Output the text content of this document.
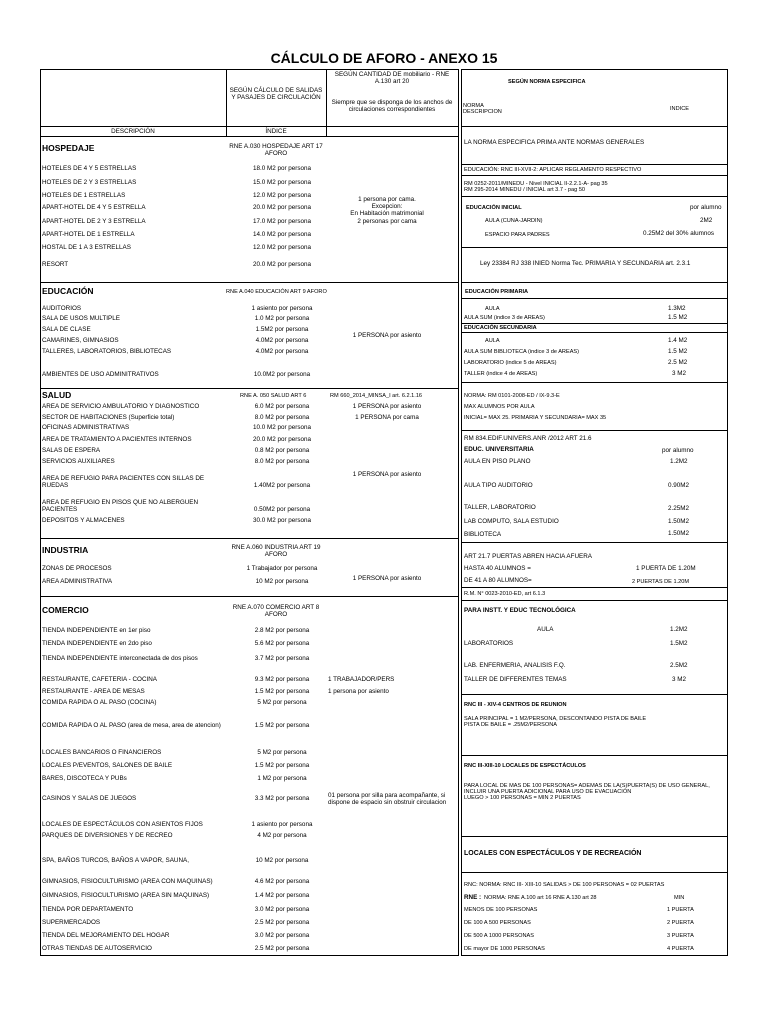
CÁLCULO DE AFORO - ANEXO 15
SEGÚN CÁLCULO DE SALIDAS Y PASAJES DE CIRCULACIÓN
SEGÚN CANTIDAD DE mobiliario - RNE A.130 art 20
Siempre que se disponga de los anchos de circulaciones correspondientes
DESCRIPCIÓN	ÍNDICE
HOSPEDAJE	RNE A.030 HOSPEDAJE ART 17 AFORO
HOTELES DE 4 Y 5 ESTRELLAS	18.0 M2 por persona
HOTELES DE 2 Y 3 ESTRELLAS	15.0 M2 por persona
HOTELES DE 1 ESTRELLAS	12.0 M2 por persona
APART-HOTEL DE 4 Y 5 ESTRELLA	20.0 M2 por persona
APART-HOTEL DE 2 Y 3 ESTRELLA	17.0 M2 por persona
APART-HOTEL DE 1 ESTRELLA	14.0 M2 por persona
HOSTAL DE 1 A 3 ESTRELLAS	12.0 M2 por persona
RESORT	20.0 M2 por persona
1 persona por cama.
Excepcion:
En Habitación matrimonial
2 personas por cama
EDUCACIÓN	RNE A.040 EDUCACIÓN ART 9 AFORO
AUDITORIOS	1 asiento por persona
SALA DE USOS MULTIPLE	1.0 M2 por persona
SALA DE CLASE	1.5M2 por persona
CAMARINES, GIMNASIOS	4.0M2 por persona
TALLERES, LABORATORIOS, BIBLIOTECAS	4.0M2 por persona
AMBIENTES DE USO ADMINITRATIVOS	10.0M2 por persona
1 PERSONA por asiento
SALUD	RNE A. 050 SALUD ART 6	RM 660_2014_MINSA_I art. 6.2.1.16
AREA DE SERVICIO AMBULATORIO Y DIAGNOSTICO	6.0 M2 por persona	1 PERSONA por asiento
SECTOR DE HABITACIONES (Superficie total)	8.0 M2 por persona	1 PERSONA por cama
OFICINAS ADMINISTRATIVAS	10.0 M2 por persona
AREA DE TRATAMIENTO A PACIENTES INTERNOS	20.0 M2 por persona
SALAS DE ESPERA	0.8 M2 por persona
SERVICIOS AUXILIARES	8.0 M2 por persona
AREA DE REFUGIO PARA PACIENTES CON SILLAS DE RUEDAS	1.40M2 por persona
AREA DE REFUGIO EN PISOS QUE NO ALBERGUEN PACIENTES	0.50M2 por persona
DEPOSITOS Y ALMACENES	30.0 M2 por persona
1 PERSONA por asiento
INDUSTRIA	RNE A.060 INDUSTRIA ART 19 AFORO
ZONAS DE PROCESOS	1 Trabajador por persona
AREA ADMINISTRATIVA	10 M2 por persona	1 PERSONA por asiento
COMERCIO	RNE A.070 COMERCIO ART 8 AFORO
TIENDA INDEPENDIENTE en 1er piso	2.8 M2 por persona
TIENDA INDEPENDIENTE en 2do piso	5.6 M2 por persona
TIENDA INDEPENDIENTE interconectada de dos pisos	3.7 M2 por persona
RESTAURANTE, CAFETERIA - COCINA	9.3 M2 por persona	1 TRABAJADOR/PERS
RESTAURANTE - AREA DE MESAS	1.5 M2 por persona	1 persona por asiento
COMIDA RAPIDA O AL PASO (COCINA)	5 M2 por persona
COMIDA RAPIDA O AL PASO (area de mesa, area de atencion)	1.5 M2 por persona
LOCALES BANCARIOS O FINANCIEROS	5 M2 por persona
LOCALES P/EVENTOS, SALONES DE BAILE	1.5 M2 por persona
BARES, DISCOTECA Y PUBs	1 M2 por persona
CASINOS Y SALAS DE JUEGOS	3.3 M2 por persona	01 persona por silla para acompañante, si dispone de espacio sin obstruir circulacion
LOCALES DE ESPECTÁCULOS CON ASIENTOS FIJOS	1 asiento por persona
PARQUES DE DIVERSIONES Y DE RECREO	4 M2 por persona
SPA, BAÑOS TURCOS, BAÑOS A VAPOR, SAUNA,	10 M2 por persona
GIMNASIOS, FISIOCULTURISMO (AREA CON MAQUINAS)	4.6 M2 por persona
GIMNASIOS, FISIOCULTURISMO (AREA SIN MAQUINAS)	1.4 M2 por persona
TIENDA POR DEPARTAMENTO	3.0 M2 por persona
SUPERMERCADOS	2.5 M2 por persona
TIENDA DEL MEJORAMIENTO DEL HOGAR	3.0 M2 por persona
OTRAS TIENDAS DE AUTOSERVICIO	2.5 M2 por persona
SEGÚN NORMA ESPECIFICA
NORMA
DESCRIPCION	INDICE
LA NORMA ESPECIFICA PRIMA ANTE NORMAS GENERALES
EDUCACIÓN: RNC III-XVII-2: APLICAR REGLAMENTO RESPECTIVO
RM 0252-2011/MINEDU - Nivel INICIAL II-2.2.1-A- pag 35
RM 295-2014 MINEDU / INICIAL art 3.7 - pag 50
EDUCACIÓN INICIAL	por alumno
AULA (CUNA-JARDIN)	2M2
ESPACIO PARA PADRES	0.25M2 del 30% alumnos
Ley 23384 RJ 338 INIED Norma Tec. PRIMARIA Y SECUNDARIA art. 2.3.1
EDUCACIÓN PRIMARIA
AULA	1.3M2
AULA SUM (indice 3 de AREAS)	1.5 M2
EDUCACIÓN SECUNDARIA
AULA	1.4 M2
AULA SUM BIBLIOTECA (indice 3 de AREAS)	1.5 M2
LABORATORIO (indice 5 de AREAS)	2.5 M2
TALLER (indice 4 de AREAS)	3 M2
NORMA: RM 0101-2008-ED / IX-9.3-E
MAX ALUMNOS POR AULA
INICIAL= MAX 25. PRIMARIA Y SECUNDARIA= MAX 35
RM 834.EDIF.UNIVERS.ANR /2012 ART 21.6
EDUC. UNIVERSITARIA	por alumno
AULA EN PISO PLANO	1.2M2
AULA TIPO AUDITORIO	0.90M2
TALLER, LABORATORIO	2.25M2
LAB COMPUTO, SALA ESTUDIO	1.50M2
BIBLIOTECA	1.50M2
ART 21.7 PUERTAS ABREN HACIA AFUERA
HASTA 40 ALUMNOS =	1 PUERTA DE 1.20M
DE 41 A 80 ALUMNOS=	2 PUERTAS DE 1.20M
R.M. N° 0023-2010-ED, art 6.1.3
PARA INSTT. Y EDUC TECNOLÓGICA
AULA	1.2M2
LABORATORIOS	1.5M2
LAB. ENFERMERIA, ANALISIS F.Q.	2.5M2
TALLER DE DIFFERENTES TEMAS	3 M2
RNC III - XIV-4 CENTROS DE REUNION
SALA PRINCIPAL = 1 M2/PERSONA, DESCONTANDO PISTA DE BAILE
PISTA DE BAILE = .25M2/PERSONA
RNC III-XIII-10 LOCALES DE ESPECTÁCULOS
PARA LOCAL DE MAS DE 100 PERSONAS= ADEMAS DE LA(S)PUERTA(S) DE USO GENERAL, INCLUIR UNA PUERTA ADICIONAL PARA USO DE EVACUACIÓN
LUEGO > 100 PERSONAS = MIN 2 PUERTAS
LOCALES CON ESPECTÁCULOS Y DE RECREACIÓN
RNC: NORMA: RNC III- XIII-10 SALIDAS > DE 100 PERSONAS = 02 PUERTAS
RNE : NORMA: RNE A.100 art 16 RNE A.130 art 28	MIN
MENOS DE 100 PERSONAS	1 PUERTA
DE 100 A 500 PERSONAS	2 PUERTA
DE 500 A 1000 PERSONAS	3 PUERTA
DE mayor DE 1000 PERSONAS	4 PUERTA
